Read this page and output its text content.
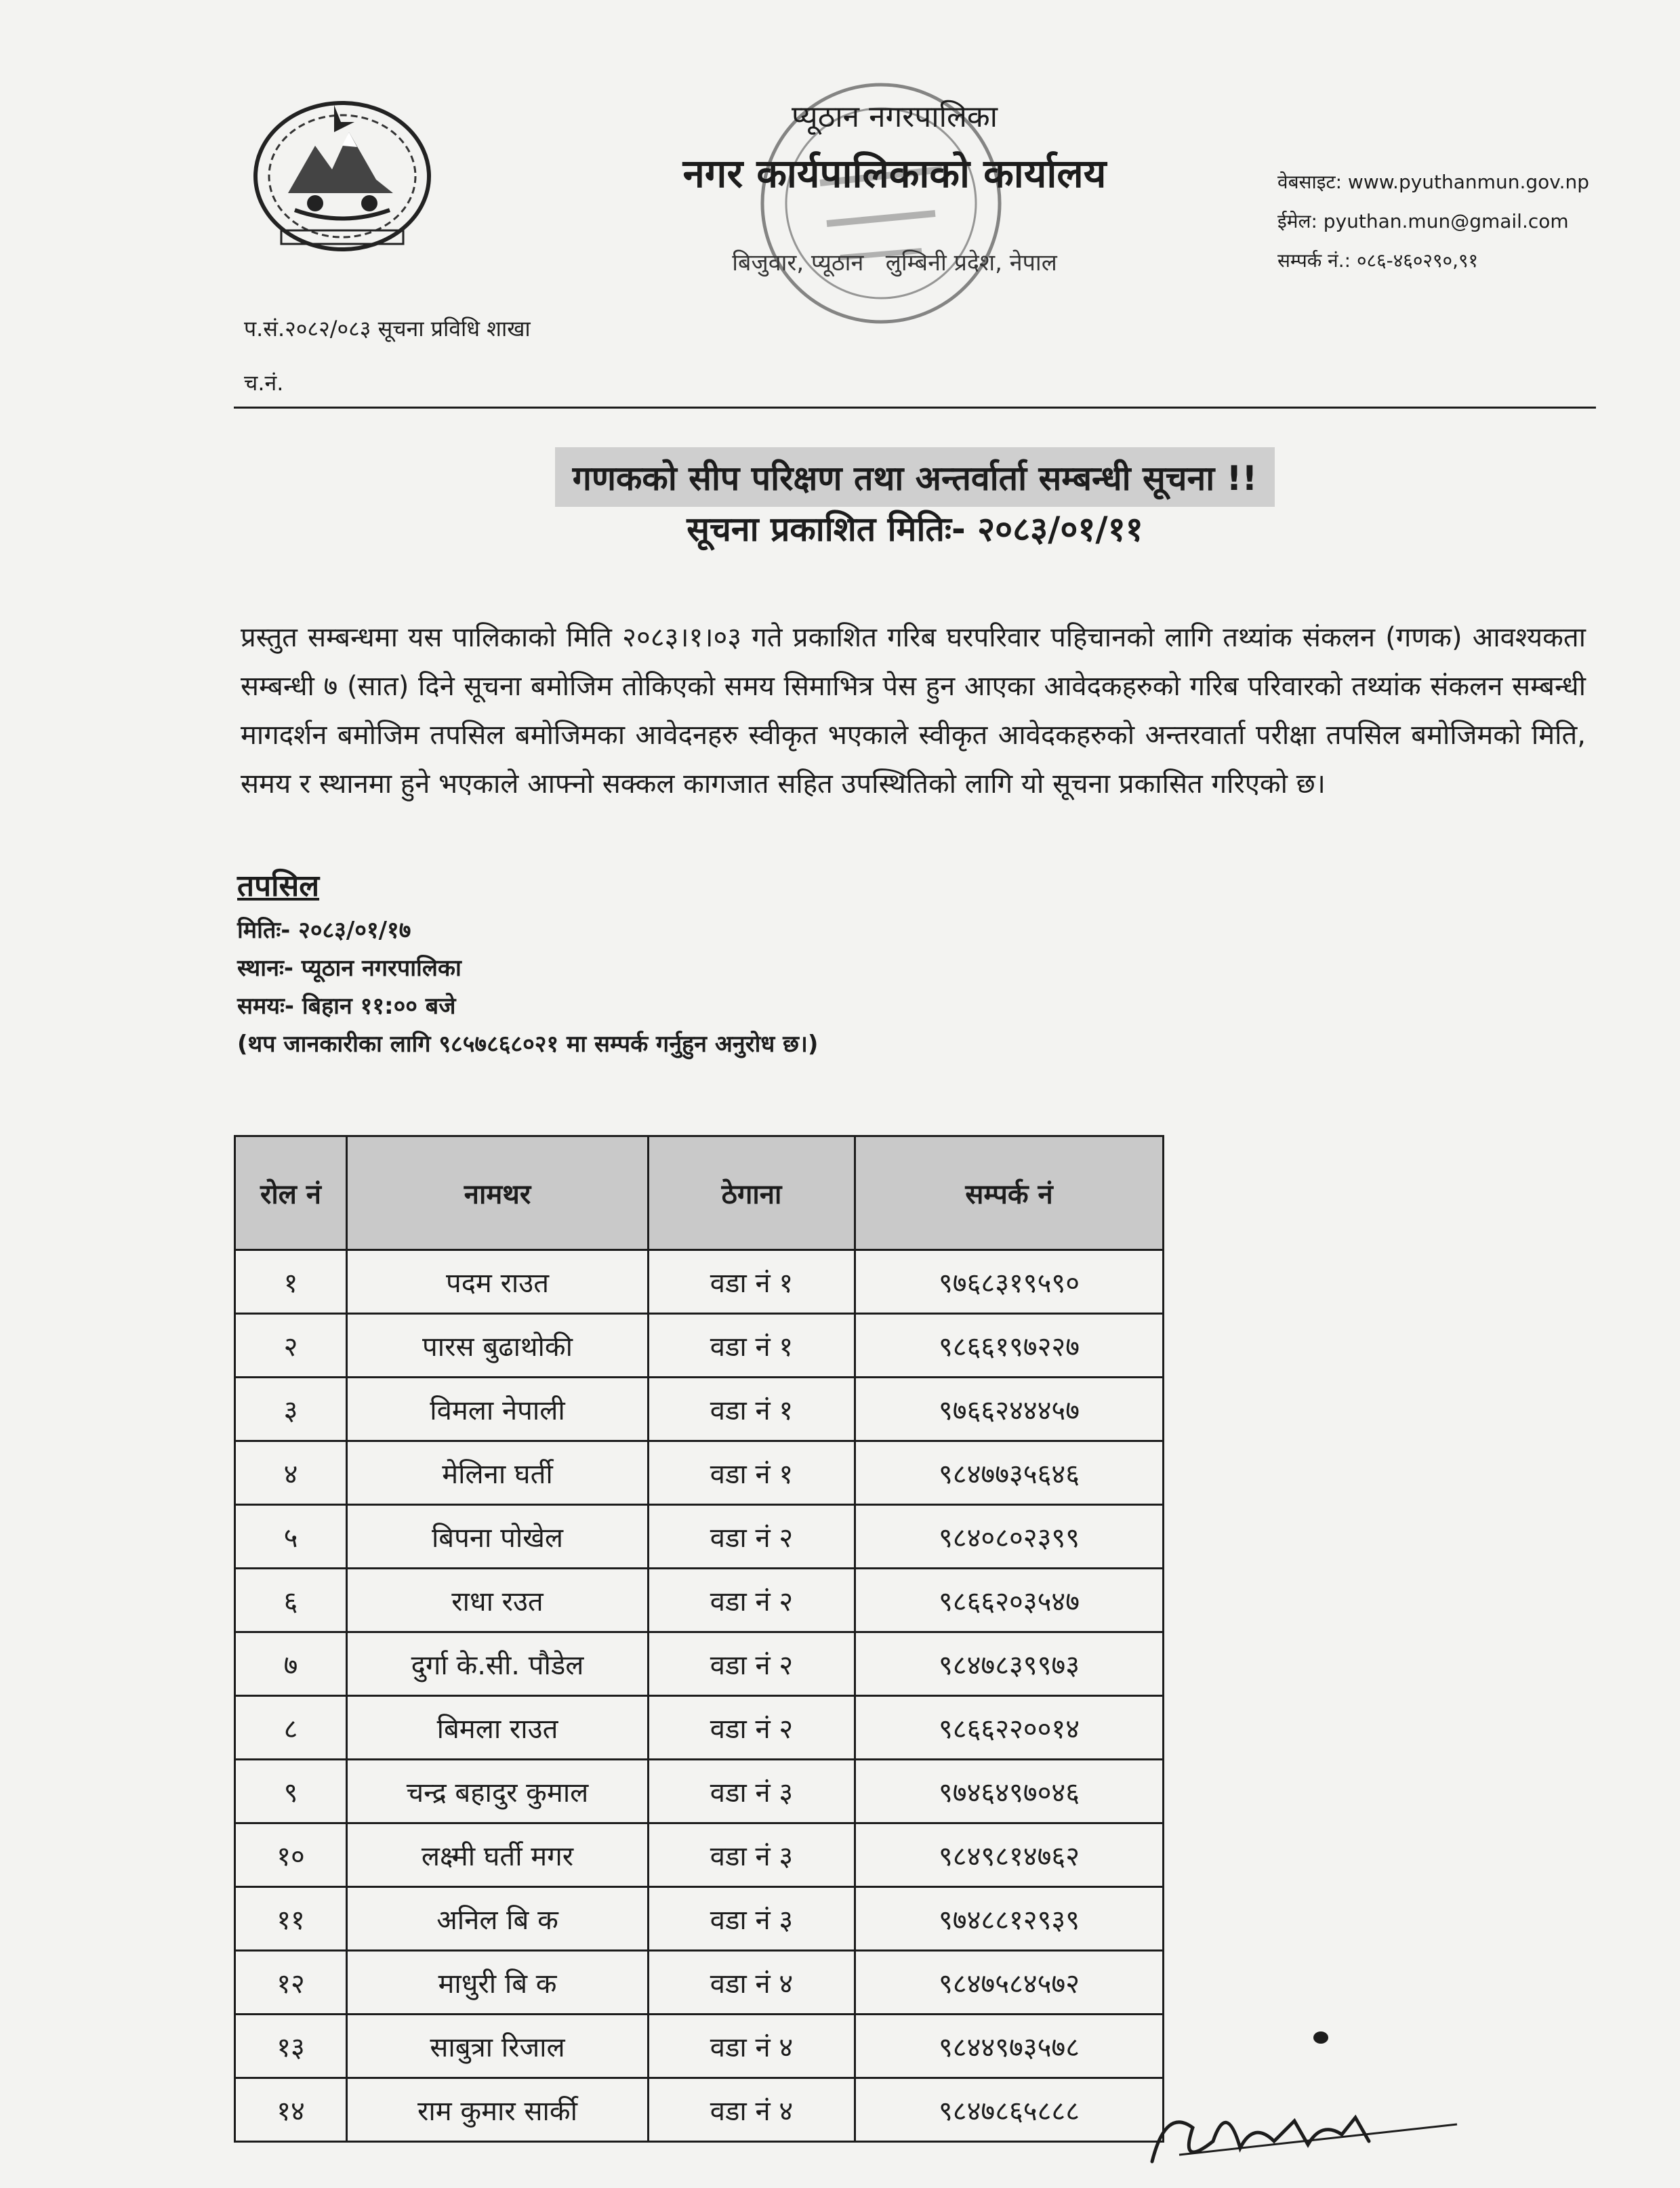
प्यूठान नगरपालिका
नगर कार्यपालिकाको कार्यालय
बिजुवार, प्यूठान लुम्बिनी प्रदेश, नेपाल
वेबसाइट: www.pyuthanmun.gov.np
ईमेल: pyuthan.mun@gmail.com
सम्पर्क नं.: ०८६-४६०२९०,९१
प.सं.२०८२/०८३ सूचना प्रविधि शाखा
च.नं.
गणकको सीप परिक्षण तथा अन्तर्वार्ता सम्बन्धी सूचना !!
सूचना प्रकाशित मितिः- २०८३/०१/११
प्रस्तुत सम्बन्धमा यस पालिकाको मिति २०८३।१।०३ गते प्रकाशित गरिब घरपरिवार पहिचानको लागि तथ्यांक संकलन (गणक) आवश्यकता सम्बन्धी ७ (सात) दिने सूचना बमोजिम तोकिएको समय सिमाभित्र पेस हुन आएका आवेदकहरुको गरिब परिवारको तथ्यांक संकलन सम्बन्धी मागदर्शन बमोजिम तपसिल बमोजिमका आवेदनहरु स्वीकृत भएकाले स्वीकृत आवेदकहरुको अन्तरवार्ता परीक्षा तपसिल बमोजिमको मिति, समय र स्थानमा हुने भएकाले आफ्नो सक्कल कागजात सहित उपस्थितिको लागि यो सूचना प्रकासित गरिएको छ।
तपसिल
मितिः- २०८३/०१/१७
स्थानः- प्यूठान नगरपालिका
समयः- बिहान ११:०० बजे
(थप जानकारीका लागि ९८५७८६८०२१ मा सम्पर्क गर्नुहुन अनुरोध छ।)
रोल नं	नामथर	ठेगाना	सम्पर्क नं
१	पदम राउत	वडा नं १	९७६८३१९५९०
२	पारस बुढाथोकी	वडा नं १	९८६६१९७२२७
३	विमला नेपाली	वडा नं १	९७६६२४४४५७
४	मेलिना घर्ती	वडा नं १	९८४७७३५६४६
५	बिपना पोखेल	वडा नं २	९८४०८०२३९९
६	राधा रउत	वडा नं २	९८६६२०३५४७
७	दुर्गा के.सी. पौडेल	वडा नं २	९८४७८३९९७३
८	बिमला राउत	वडा नं २	९८६६२२००१४
९	चन्द्र बहादुर कुमाल	वडा नं ३	९७४६४९७०४६
१०	लक्ष्मी घर्ती मगर	वडा नं ३	९८४९८१४७६२
११	अनिल बि क	वडा नं ३	९७४८८१२९३९
१२	माधुरी बि क	वडा नं ४	९८४७५८४५७२
१३	साबुत्रा रिजाल	वडा नं ४	९८४४९७३५७८
१४	राम कुमार सार्की	वडा नं ४	९८४७८६५८८८
